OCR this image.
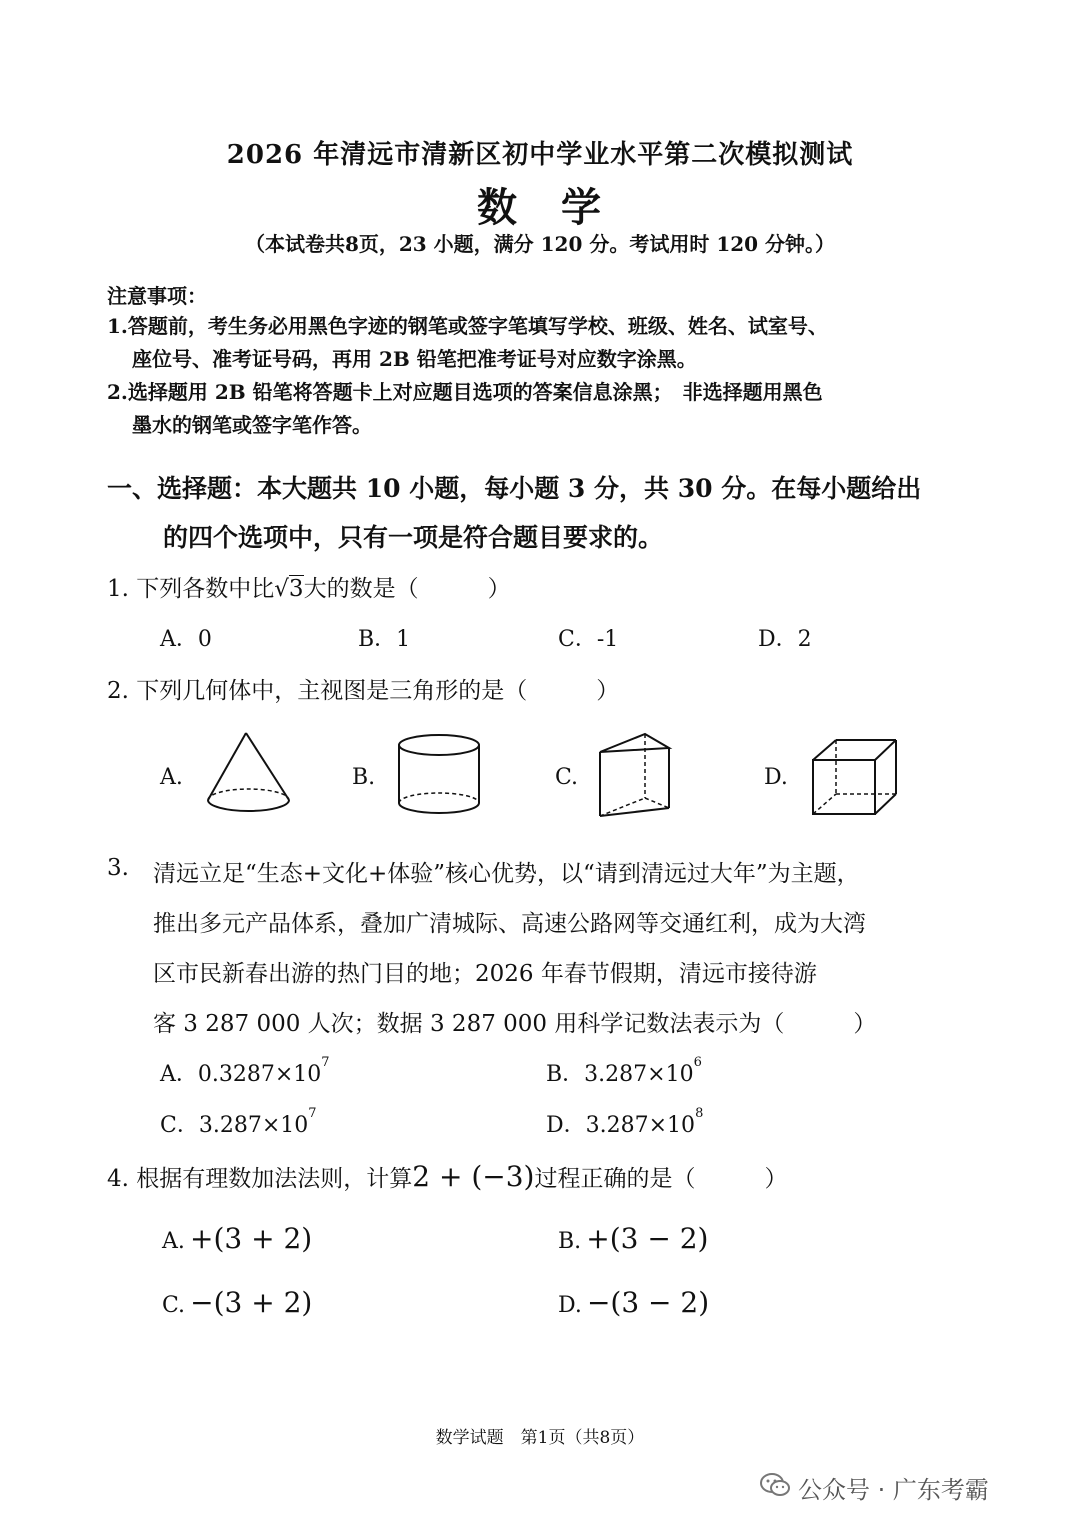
2026 年清远市清新区初中学业水平第二次模拟测试
数　学
（本试卷共8页，23 小题，满分 120 分。考试用时 120 分钟。）
注意事项：
1.答题前，考生务必用黑色字迹的钢笔或签字笔填写学校、班级、姓名、试室号、
座位号、准考证号码，再用 2B 铅笔把准考证号对应数字涂黑。
2.选择题用 2B 铅笔将答题卡上对应题目选项的答案信息涂黑；　非选择题用黑色
墨水的钢笔或签字笔作答。
一、选择题：本大题共 10 小题，每小题 3 分，共 30 分。在每小题给出
的四个选项中，只有一项是符合题目要求的。
1. 下列各数中比√3大的数是（　　　）
A．0	B．1	C．-1	D．2
2. 下列几何体中，主视图是三角形的是（　　　）
A.	B.	C.	D.
3. 清远立足“生态+文化+体验”核心优势，以“请到清远过大年”为主题，
推出多元产品体系，叠加广清城际、高速公路网等交通红利，成为大湾
区市民新春出游的热门目的地；2026 年春节假期，清远市接待游
客 3 287 000 人次；数据 3 287 000 用科学记数法表示为（　　　）
A．$0.3287\times 10^7$	B．$3.287\times 10^6$
C．$3.287\times 10^7$	D．$3.287\times 10^8$
4. 根据有理数加法法则，计算2 + (−3)过程正确的是（　　　）
A. +(3 + 2)	B. +(3 − 2)
C. −(3 + 2)	D. −(3 − 2)
数学试题　第1页（共8页）
公众号 · 广东考霸
